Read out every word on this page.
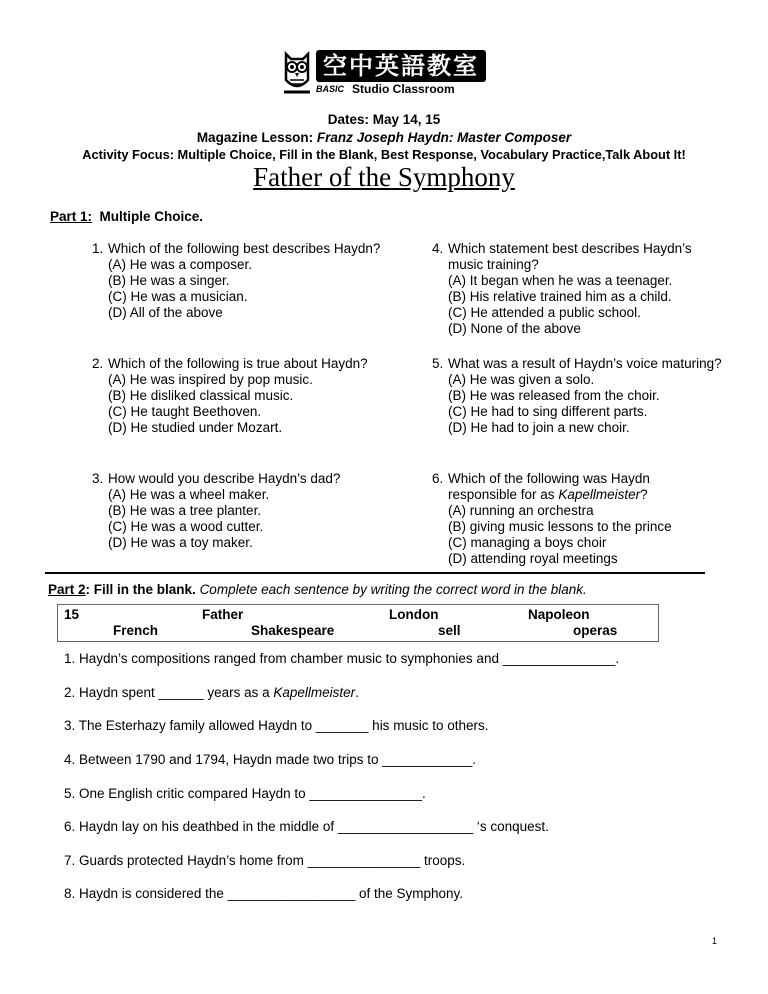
空中英語教室
BASIC Studio Classroom
Dates: May 14, 15
Magazine Lesson: Franz Joseph Haydn: Master Composer
Activity Focus: Multiple Choice, Fill in the Blank, Best Response, Vocabulary Practice,Talk About It!
Father of the Symphony
Part 1: Multiple Choice.
1. Which of the following best describes Haydn?
(A) He was a composer.
(B) He was a singer.
(C) He was a musician.
(D) All of the above
2. Which of the following is true about Haydn?
(A) He was inspired by pop music.
(B) He disliked classical music.
(C) He taught Beethoven.
(D) He studied under Mozart.
3. How would you describe Haydn’s dad?
(A) He was a wheel maker.
(B) He was a tree planter.
(C) He was a wood cutter.
(D) He was a toy maker.
4. Which statement best describes Haydn’s music training?
(A) It began when he was a teenager.
(B) His relative trained him as a child.
(C) He attended a public school.
(D) None of the above
5. What was a result of Haydn’s voice maturing?
(A) He was given a solo.
(B) He was released from the choir.
(C) He had to sing different parts.
(D) He had to join a new choir.
6. Which of the following was Haydn responsible for as Kapellmeister?
(A) running an orchestra
(B) giving music lessons to the prince
(C) managing a boys choir
(D) attending royal meetings
Part 2: Fill in the blank. Complete each sentence by writing the correct word in the blank.
15	Father	London	Napoleon
French	Shakespeare	sell	operas
1. Haydn’s compositions ranged from chamber music to symphonies and _______________.
2. Haydn spent ______ years as a Kapellmeister.
3. The Esterhazy family allowed Haydn to _______ his music to others.
4. Between 1790 and 1794, Haydn made two trips to ____________.
5. One English critic compared Haydn to _______________.
6. Haydn lay on his deathbed in the middle of __________________ ‘s conquest.
7. Guards protected Haydn’s home from _______________ troops.
8. Haydn is considered the _________________ of the Symphony.
1
